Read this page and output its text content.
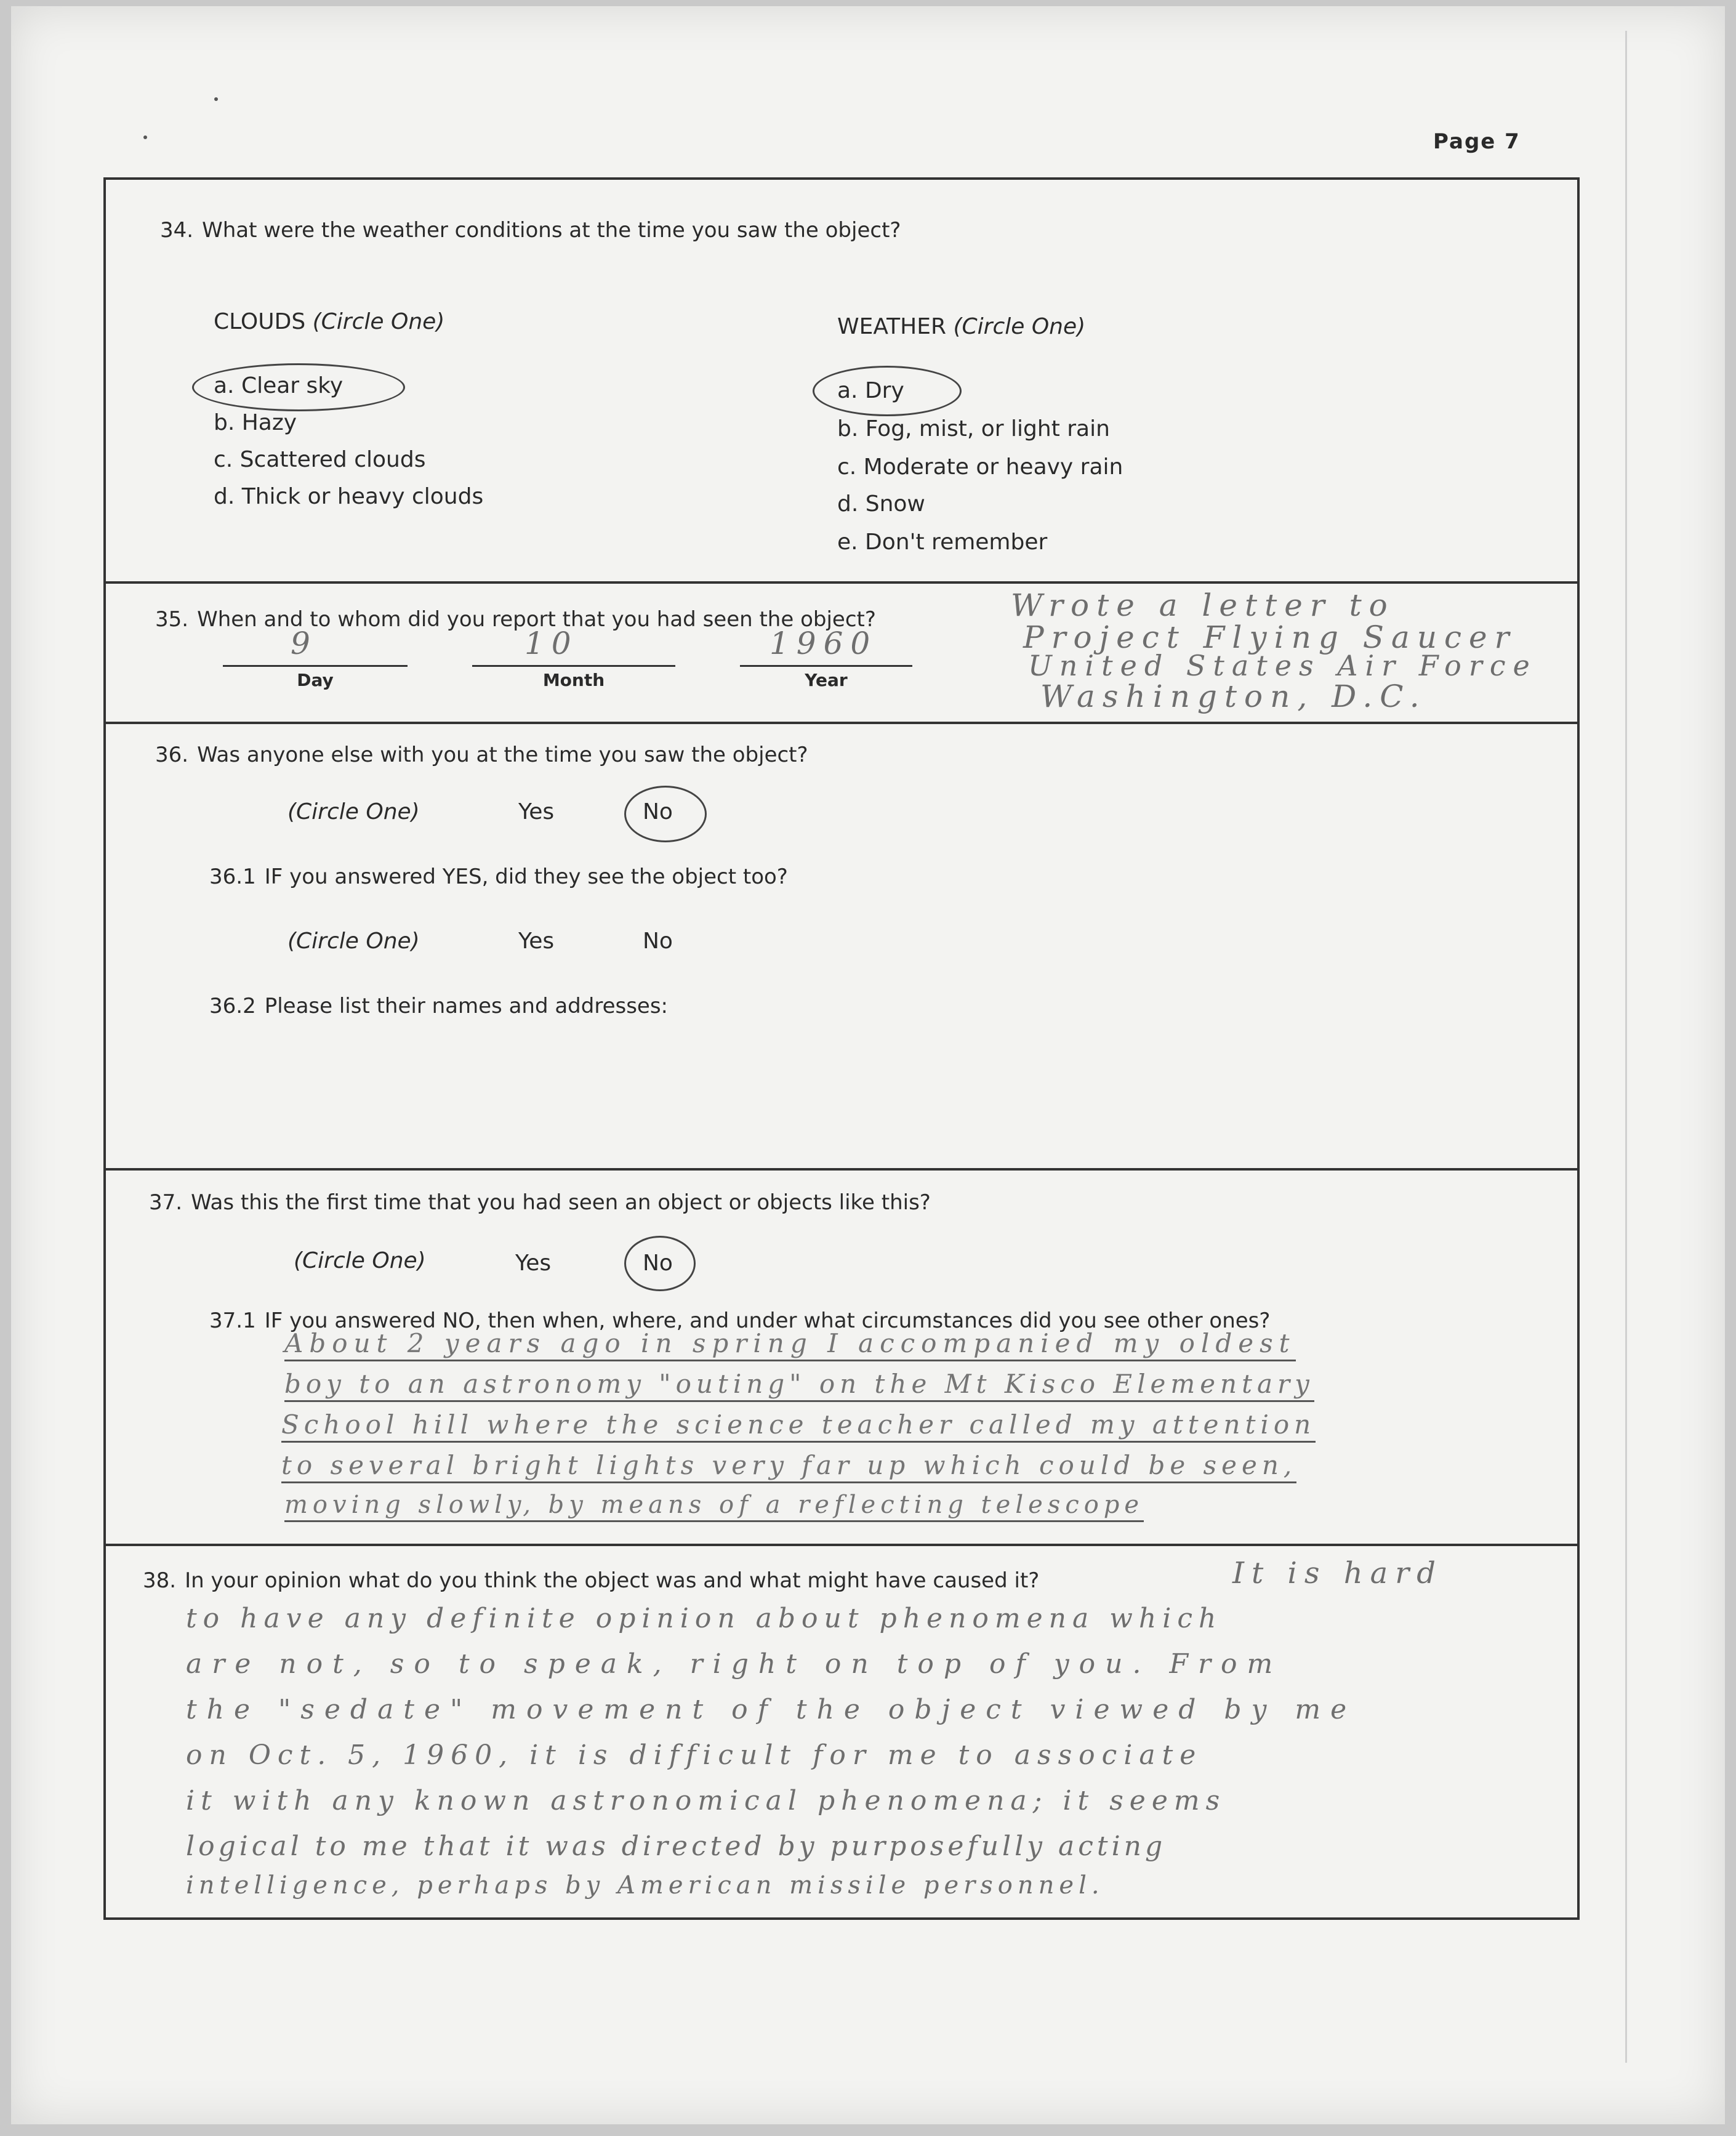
Page 7
34. What were the weather conditions at the time you saw the object?
CLOUDS (Circle One)
a. Clear sky
b. Hazy
c. Scattered clouds
d. Thick or heavy clouds
WEATHER (Circle One)
a. Dry
b. Fog, mist, or light rain
c. Moderate or heavy rain
d. Snow
e. Don't remember
35. When and to whom did you report that you had seen the object?
9
Day
10
Month
1960
Year
Wrote a letter to
Project Flying Saucer
United States Air Force
Washington, D.C.
36. Was anyone else with you at the time you saw the object?
(Circle One)	Yes	No
36.1 IF you answered YES, did they see the object too?
(Circle One)	Yes	No
36.2 Please list their names and addresses:
37. Was this the first time that you had seen an object or objects like this?
(Circle One)	Yes	No
37.1 IF you answered NO, then when, where, and under what circumstances did you see other ones?
About 2 years ago in spring I accompanied my oldest
boy to an astronomy "outing" on the Mt Kisco Elementary
School hill where the science teacher called my attention
to several bright lights very far up which could be seen,
moving slowly, by means of a reflecting telescope
38. In your opinion what do you think the object was and what might have caused it?	It is hard
to have any definite opinion about phenomena which
are not, so to speak, right on top of you. From
the "sedate" movement of the object viewed by me
on Oct. 5, 1960, it is difficult for me to associate
it with any known astronomical phenomena; it seems
logical to me that it was directed by purposefully acting
intelligence, perhaps by American missile personnel.
